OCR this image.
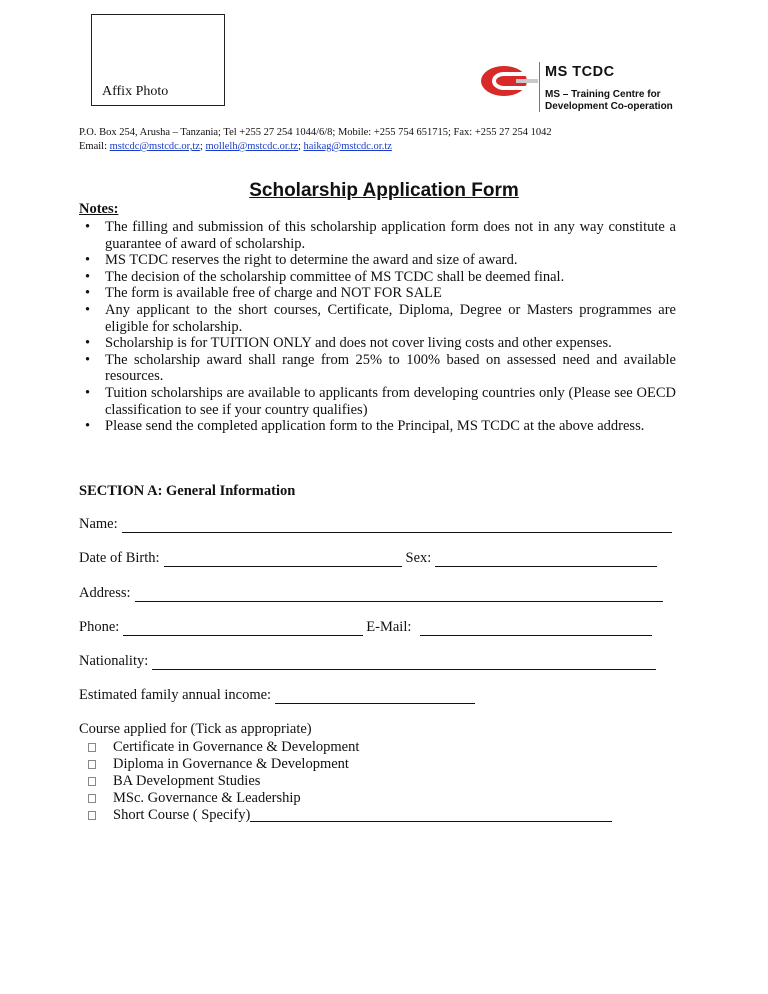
Affix Photo
MS TCDC
MS – Training Centre for
Development Co-operation
P.O. Box 254, Arusha – Tanzania; Tel +255 27 254 1044/6/8; Mobile: +255 754 651715; Fax: +255 27 254 1042
Email: mstcdc@mstcdc.or,tz; mollelh@mstcdc.or.tz; haikag@mstcdc.or.tz
Scholarship Application Form
Notes:
• The filling and submission of this scholarship application form does not in any way constitute a guarantee of award of scholarship.
• MS TCDC reserves the right to determine the award and size of award.
• The decision of the scholarship committee of MS TCDC shall be deemed final.
• The form is available free of charge and NOT FOR SALE
• Any applicant to the short courses, Certificate, Diploma, Degree or Masters programmes are eligible for scholarship.
• Scholarship is for TUITION ONLY and does not cover living costs and other expenses.
• The scholarship award shall range from 25% to 100% based on assessed need and available resources.
• Tuition scholarships are available to applicants from developing countries only (Please see OECD classification to see if your country qualifies)
• Please send the completed application form to the Principal, MS TCDC at the above address.
SECTION A: General Information
Name:
Date of Birth:	Sex:
Address:
Phone:	E-Mail:
Nationality:
Estimated family annual income:
Course applied for (Tick as appropriate)
Certificate in Governance & Development
Diploma in Governance & Development
BA Development Studies
MSc. Governance & Leadership
Short Course ( Specify)
